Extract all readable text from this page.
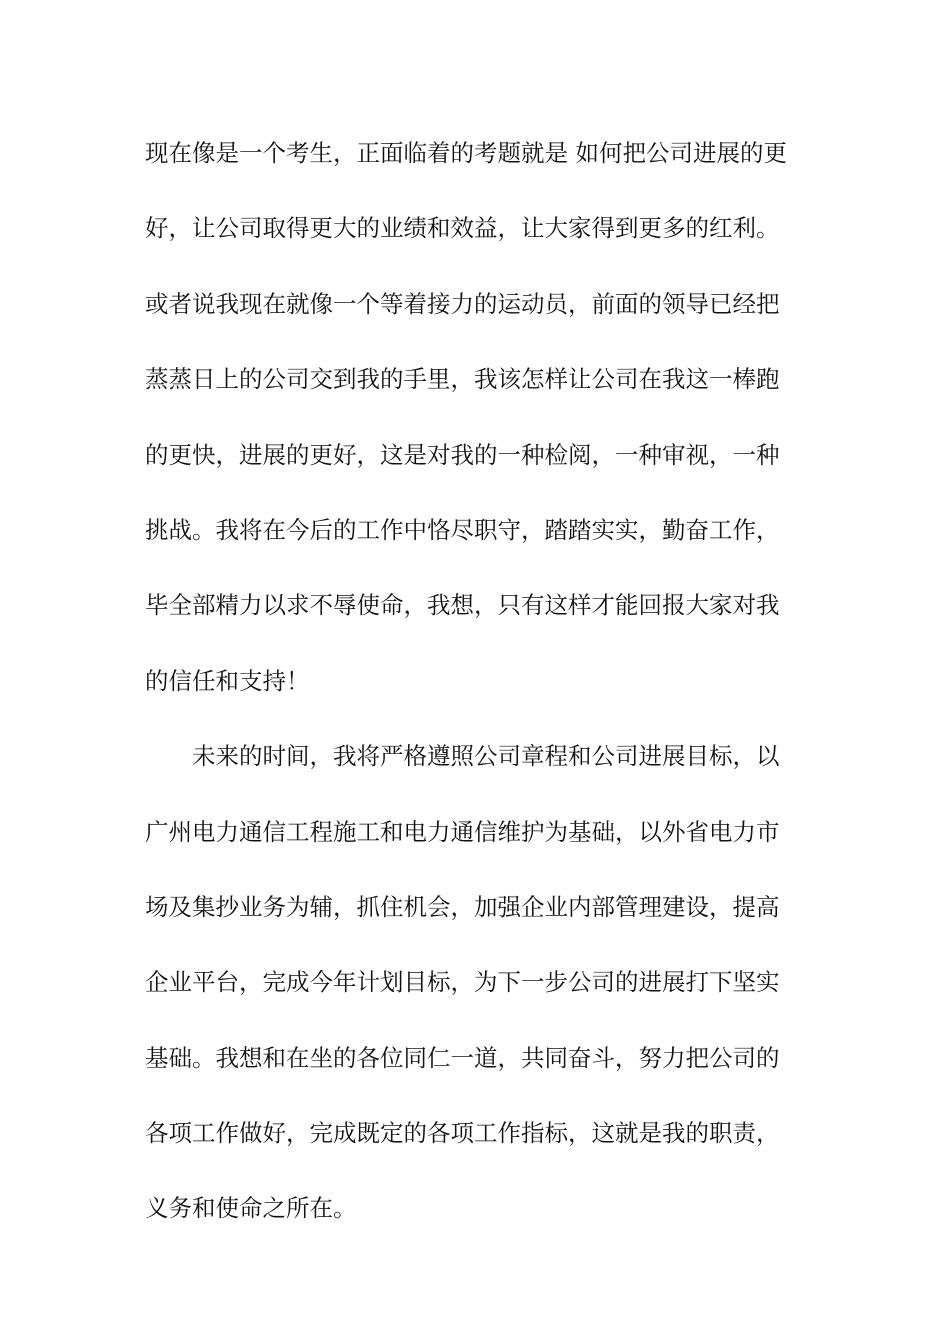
现在像是一个考生，正面临着的考题就是 如何把公司进展的更
好，让公司取得更大的业绩和效益，让大家得到更多的红利。
或者说我现在就像一个等着接力的运动员，前面的领导已经把
蒸蒸日上的公司交到我的手里，我该怎样让公司在我这一棒跑
的更快，进展的更好，这是对我的一种检阅，一种审视，一种
挑战。我将在今后的工作中恪尽职守，踏踏实实，勤奋工作，
毕全部精力以求不辱使命，我想，只有这样才能回报大家对我
的信任和支持！
未来的时间，我将严格遵照公司章程和公司进展目标，以
广州电力通信工程施工和电力通信维护为基础，以外省电力市
场及集抄业务为辅，抓住机会，加强企业内部管理建设，提高
企业平台，完成今年计划目标，为下一步公司的进展打下坚实
基础。我想和在坐的各位同仁一道，共同奋斗，努力把公司的
各项工作做好，完成既定的各项工作指标，这就是我的职责，
义务和使命之所在。
